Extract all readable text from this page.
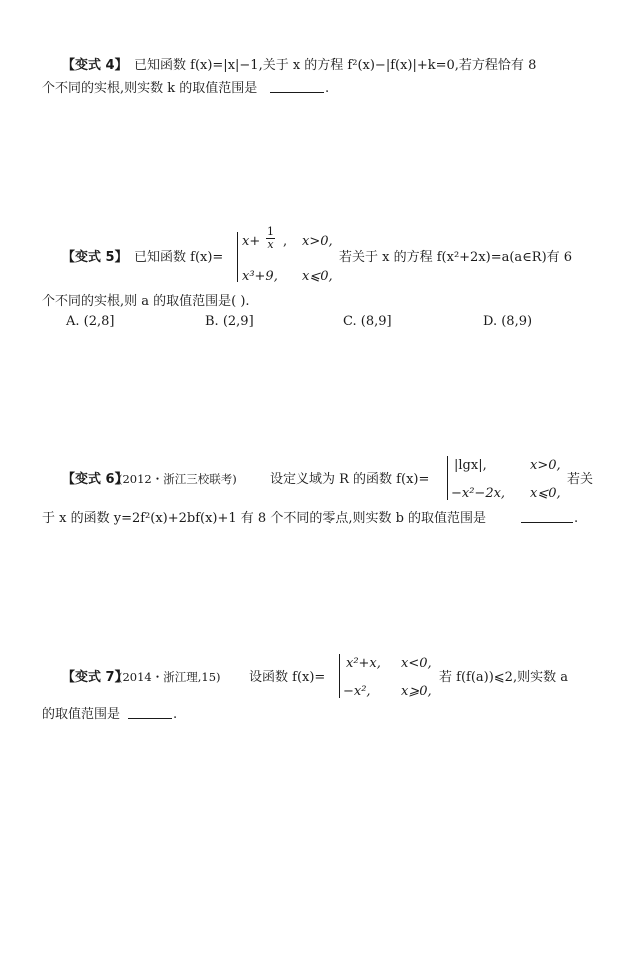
【变式 4】 已知函数 f(x)=|x|−1,关于 x 的方程 f²(x)−|f(x)|+k=0,若方程恰有 8
个不同的实根,则实数 k 的取值范围是	.
【变式 5】 已知函数 f(x)=
$x+ \frac{1}{x}$ , x>0,
x³+9, x⩽0,
若关于 x 的方程 f(x²+2x)=a(a∈R)有 6
个不同的实根,则 a 的取值范围是( ).
A. (2,8]	B. (2,9]	C. (8,9]	D. (8,9)
【变式 6】
(2012・浙江三校联考)	设定义域为 R 的函数 f(x)=
|lgx|,	x>0,
−x²−2x, x⩽0,
若关
于 x 的函数 y=2f²(x)+2bf(x)+1 有 8 个不同的零点,则实数 b 的取值范围是	.
【变式 7】
(2014・浙江理,15) 设函数 f(x)=
x²+x, x<0,
−x², x⩾0,
若 f(f(a))⩽2,则实数 a
的取值范围是	.
